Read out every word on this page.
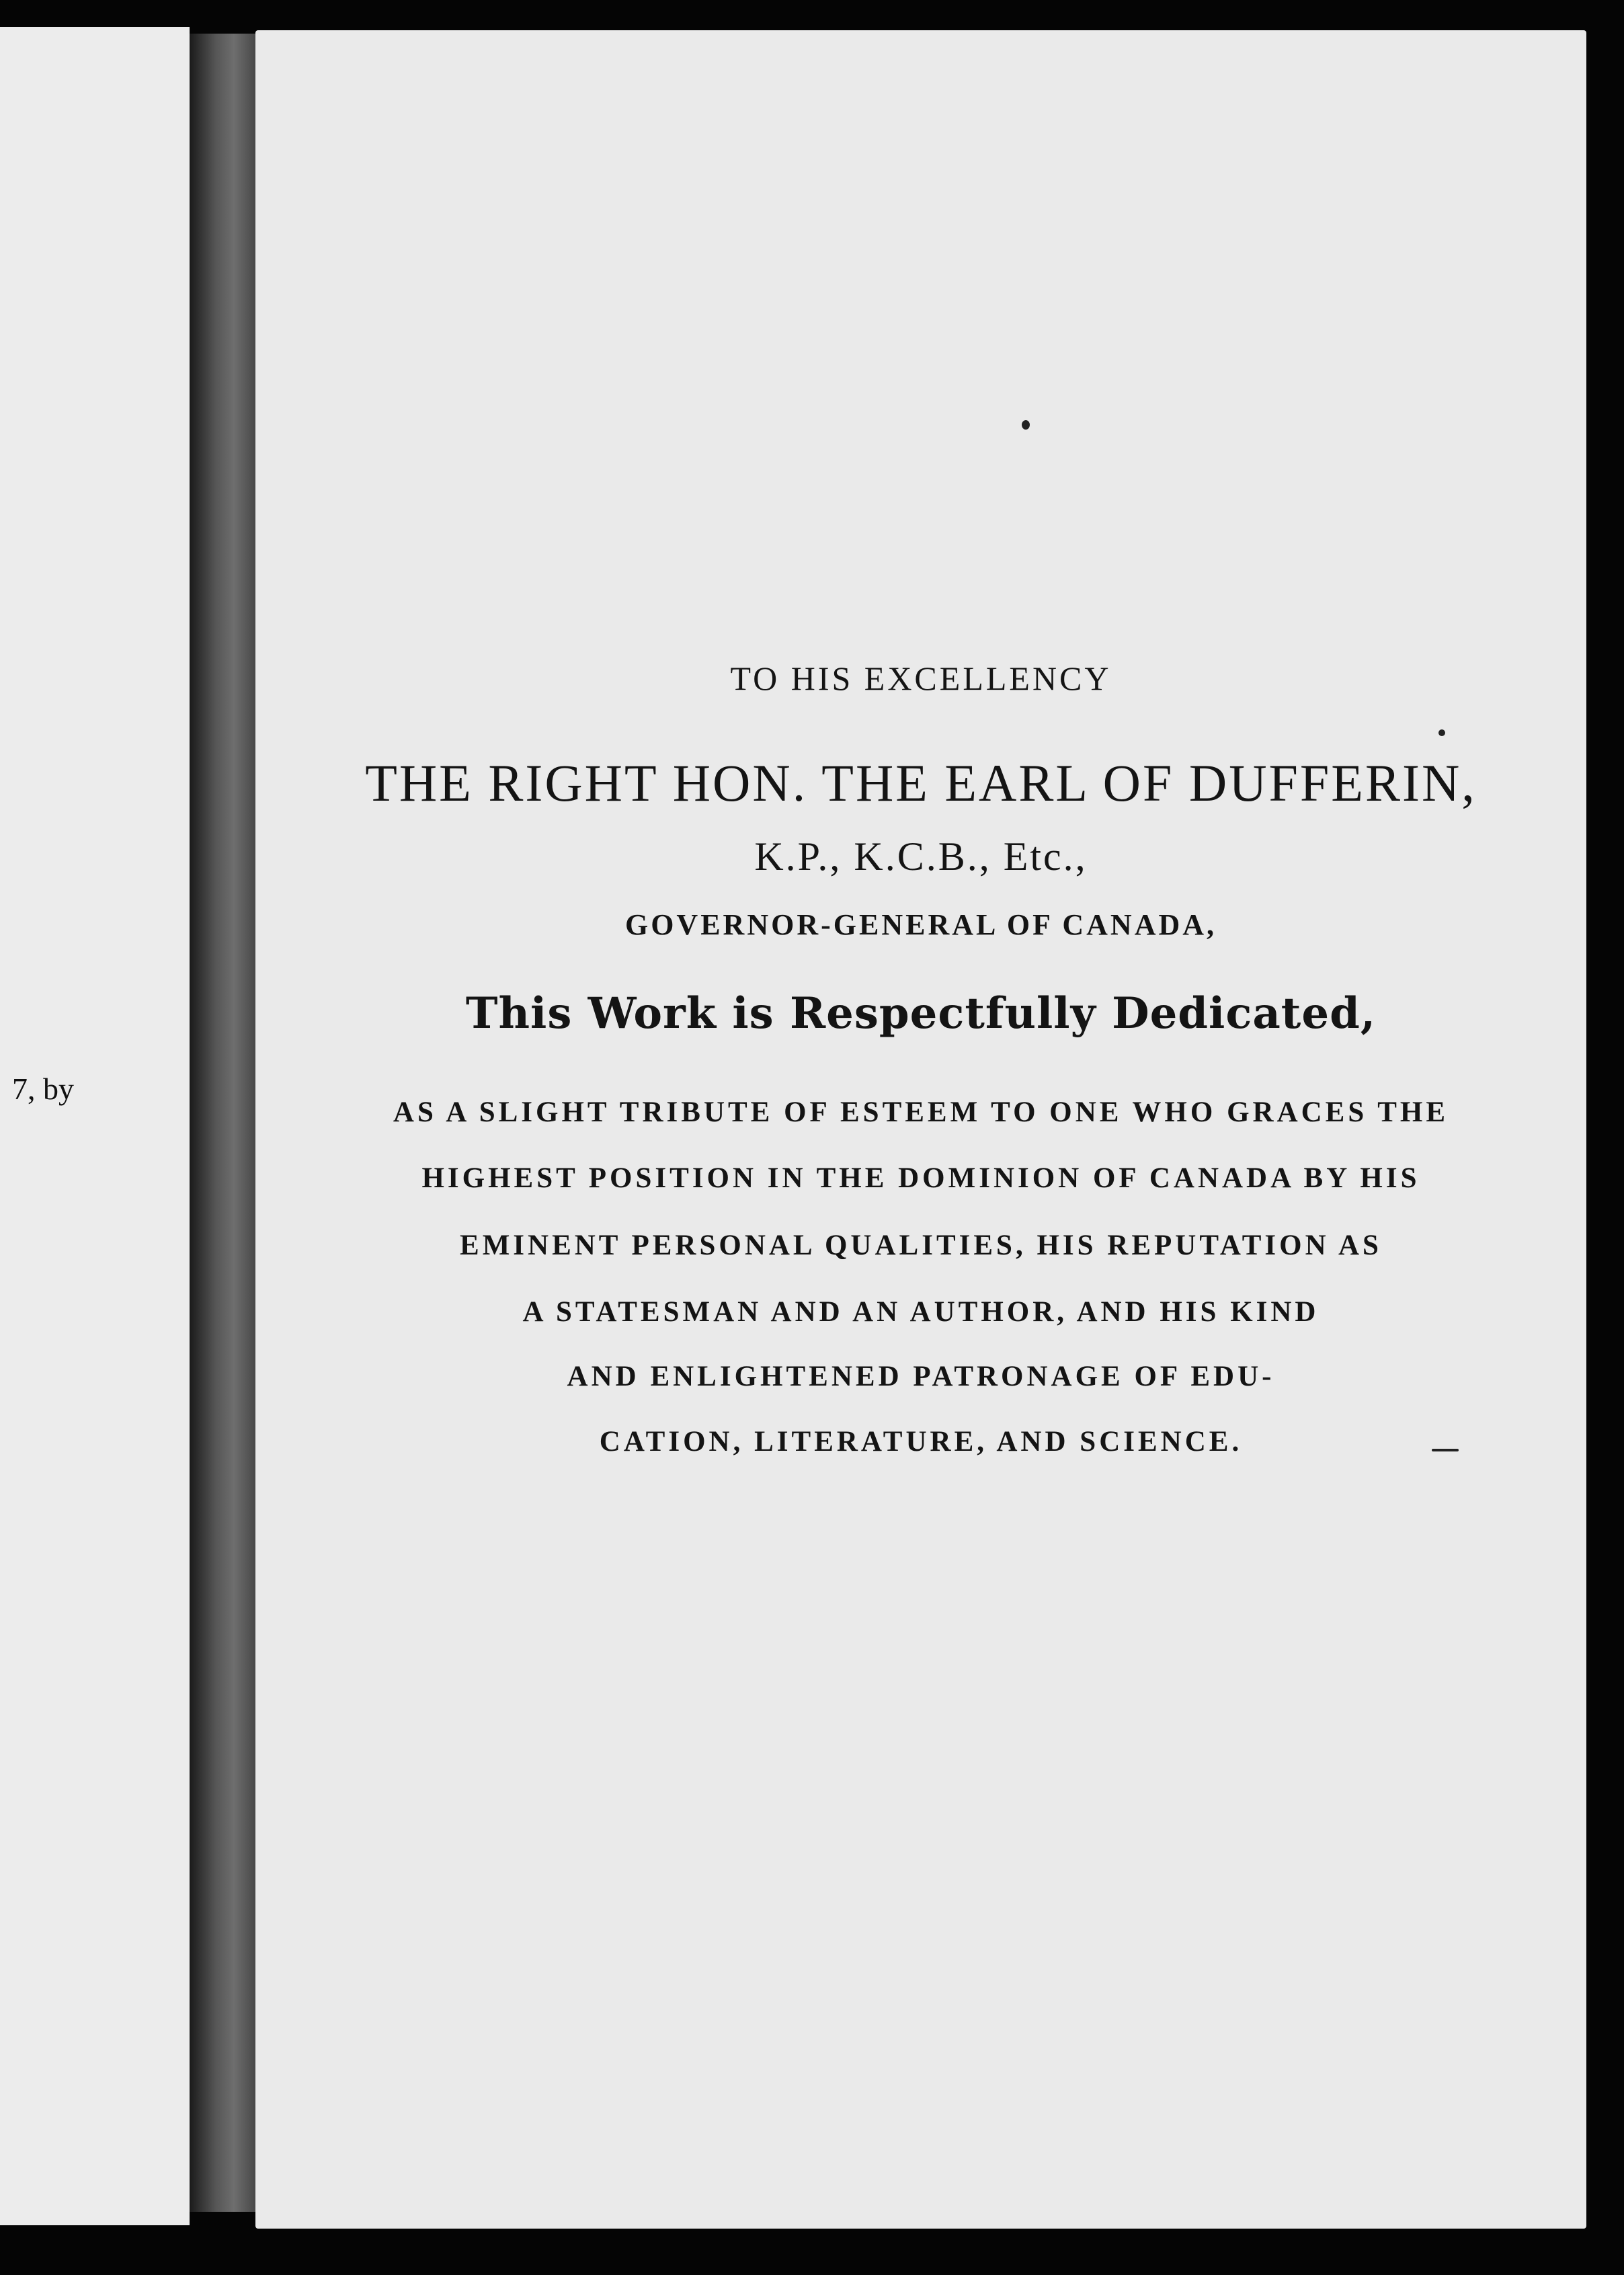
7, by
TO HIS EXCELLENCY
THE RIGHT HON. THE EARL OF DUFFERIN,
K.P., K.C.B., Etc.,
GOVERNOR-GENERAL OF CANADA,
This Work is Respectfully Dedicated,
AS A SLIGHT TRIBUTE OF ESTEEM TO ONE WHO GRACES THE
HIGHEST POSITION IN THE DOMINION OF CANADA BY HIS
EMINENT PERSONAL QUALITIES, HIS REPUTATION AS
A STATESMAN AND AN AUTHOR, AND HIS KIND
AND ENLIGHTENED PATRONAGE OF EDU-
CATION, LITERATURE, AND SCIENCE.
